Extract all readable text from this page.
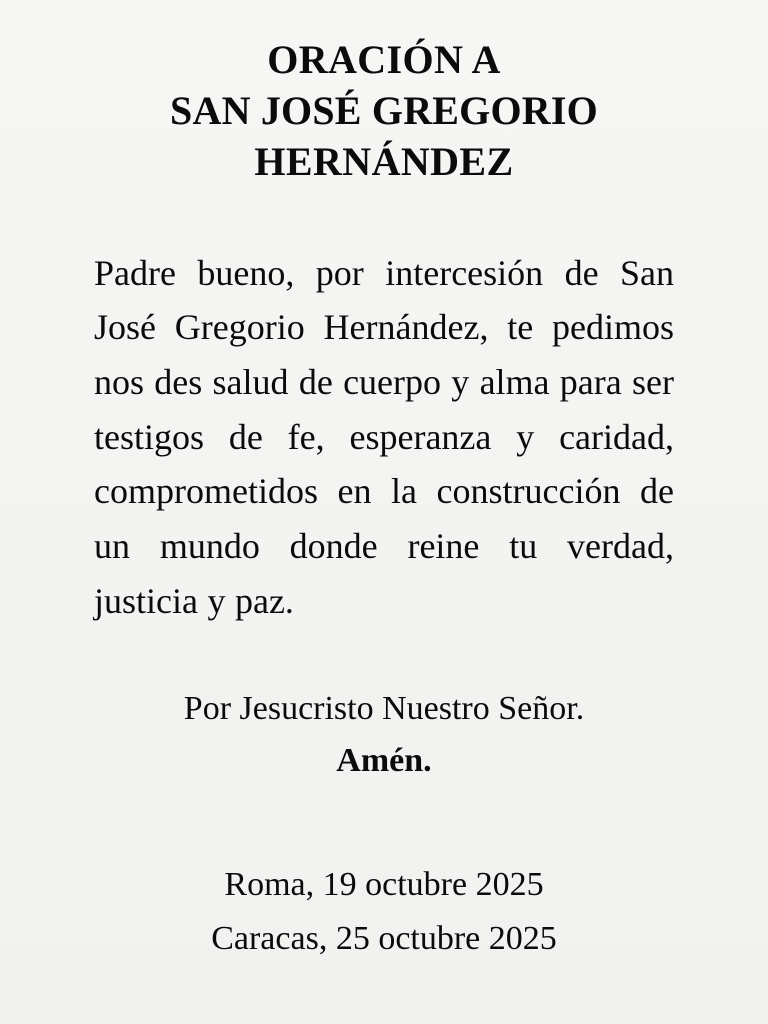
ORACIÓN A
SAN JOSÉ GREGORIO
HERNÁNDEZ

Padre bueno, por intercesión de San José Gregorio Hernández, te pedimos nos des salud de cuerpo y alma para ser testigos de fe, esperanza y caridad, comprometidos en la construcción de un mundo donde reine tu verdad, justicia y paz.

Por Jesucristo Nuestro Señor.

Amén.

Roma, 19 octubre 2025

Caracas, 25 octubre 2025
